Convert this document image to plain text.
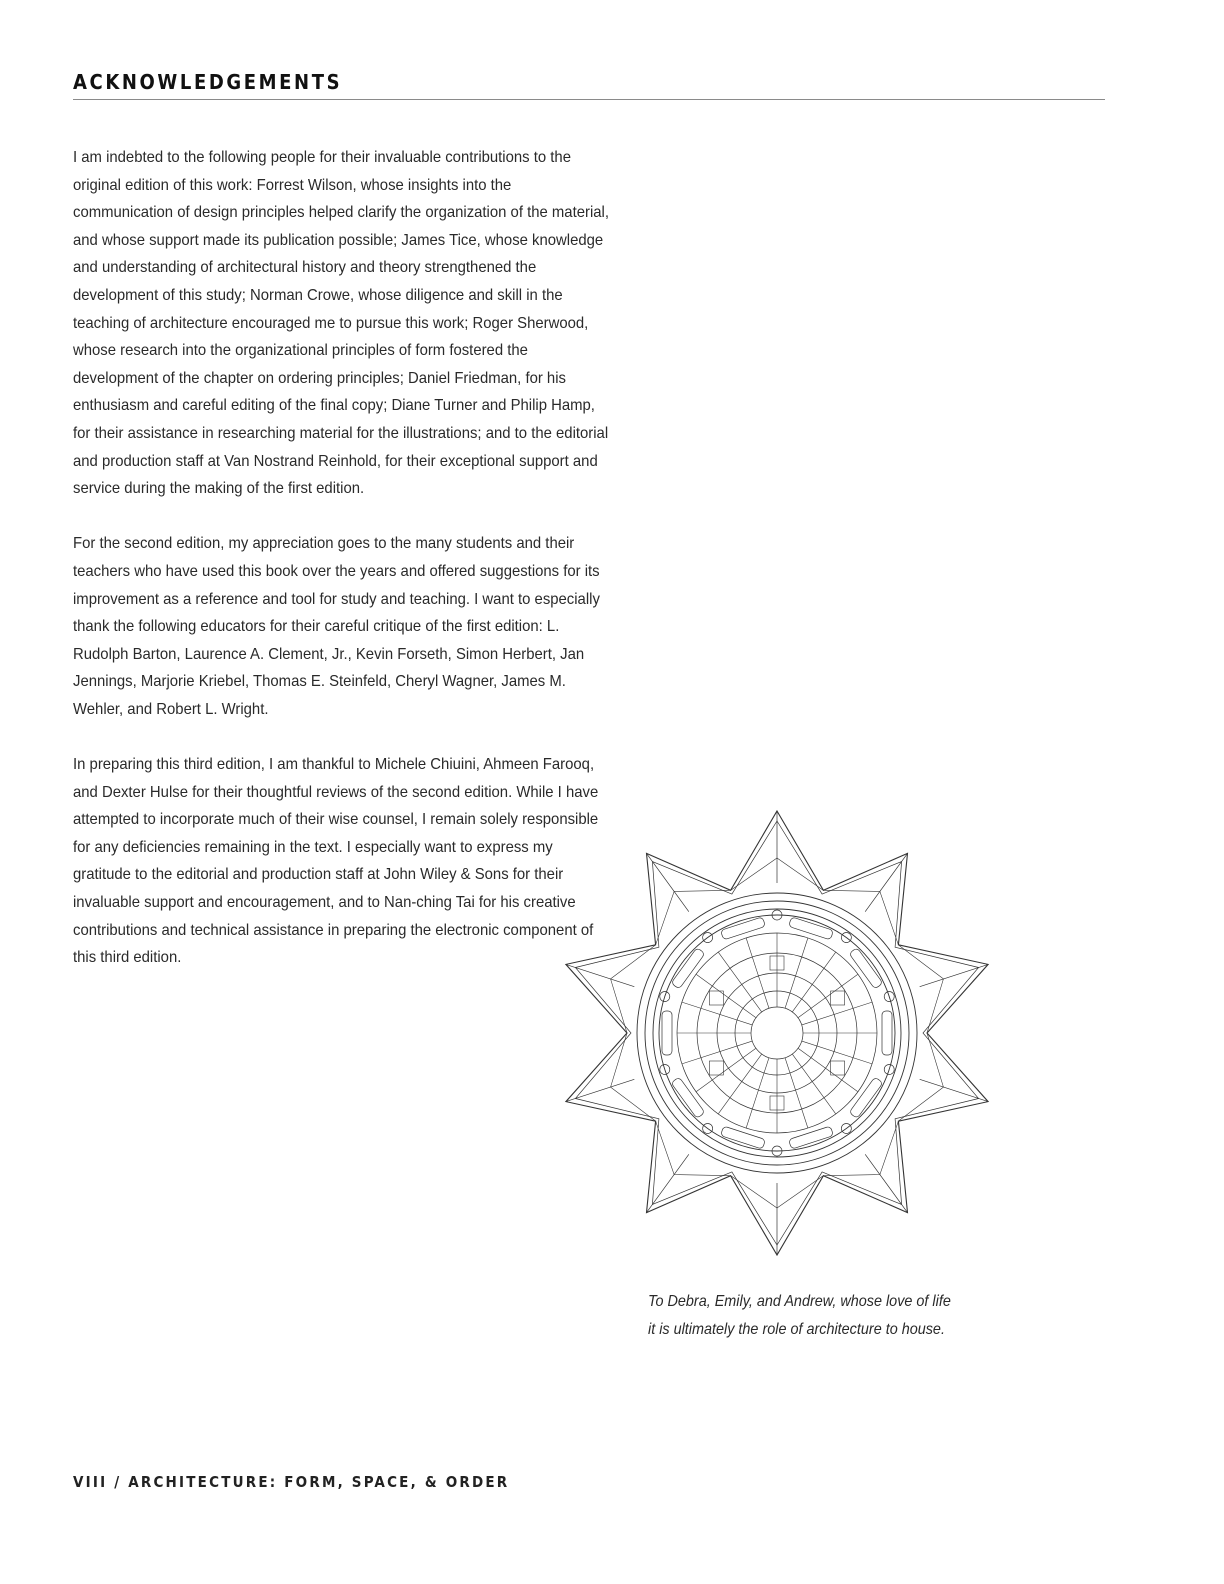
ACKNOWLEDGEMENTS

I am indebted to the following people for their invaluable contributions to the original edition of this work: Forrest Wilson, whose insights into the communication of design principles helped clarify the organization of the material, and whose support made its publication possible; James Tice, whose knowledge and understanding of architectural history and theory strengthened the development of this study; Norman Crowe, whose diligence and skill in the teaching of architecture encouraged me to pursue this work; Roger Sherwood, whose research into the organizational principles of form fostered the development of the chapter on ordering principles; Daniel Friedman, for his enthusiasm and careful editing of the final copy; Diane Turner and Philip Hamp, for their assistance in researching material for the illustrations; and to the editorial and production staff at Van Nostrand Reinhold, for their exceptional support and service during the making of the first edition.

For the second edition, my appreciation goes to the many students and their teachers who have used this book over the years and offered suggestions for its improvement as a reference and tool for study and teaching. I want to especially thank the following educators for their careful critique of the first edition: L. Rudolph Barton, Laurence A. Clement, Jr., Kevin Forseth, Simon Herbert, Jan Jennings, Marjorie Kriebel, Thomas E. Steinfeld, Cheryl Wagner, James M. Wehler, and Robert L. Wright.

In preparing this third edition, I am thankful to Michele Chiuini, Ahmeen Farooq, and Dexter Hulse for their thoughtful reviews of the second edition. While I have attempted to incorporate much of their wise counsel, I remain solely responsible for any deficiencies remaining in the text. I especially want to express my gratitude to the editorial and production staff at John Wiley & Sons for their invaluable support and encouragement, and to Nan-ching Tai for his creative contributions and technical assistance in preparing the electronic component of this third edition.

To Debra, Emily, and Andrew, whose love of life it is ultimately the role of architecture to house.

VIII / ARCHITECTURE: FORM, SPACE, & ORDER
